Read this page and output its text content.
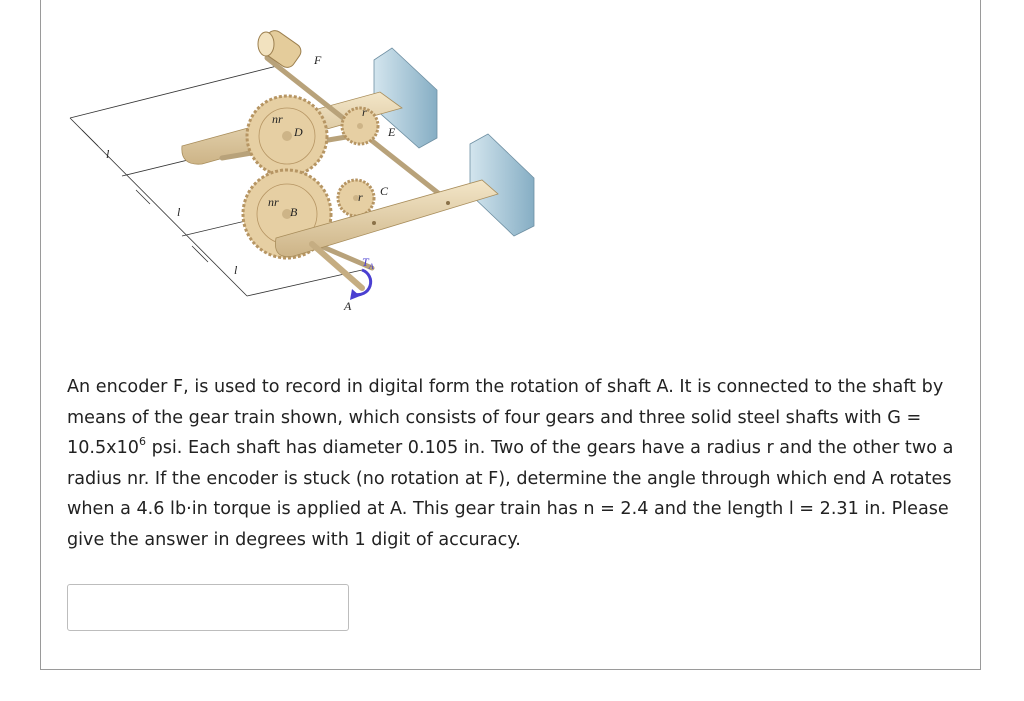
l
l
l
F
nr
D
nr
B
r
E
r C
$T_A$
A

An encoder F, is used to record in digital form the rotation of shaft A. It is connected to the shaft by means of the gear train shown, which consists of four gears and three solid steel shafts with $G = 10.5x10^6$ psi. Each shaft has diameter 0.105 in. Two of the gears have a radius r and the other two a radius nr. If the encoder is stuck (no rotation at F), determine the angle through which end A rotates when a 4.6 lb·in torque is applied at A. This gear train has n = 2.4 and the length l = 2.31 in. Please give the answer in degrees with 1 digit of accuracy.
